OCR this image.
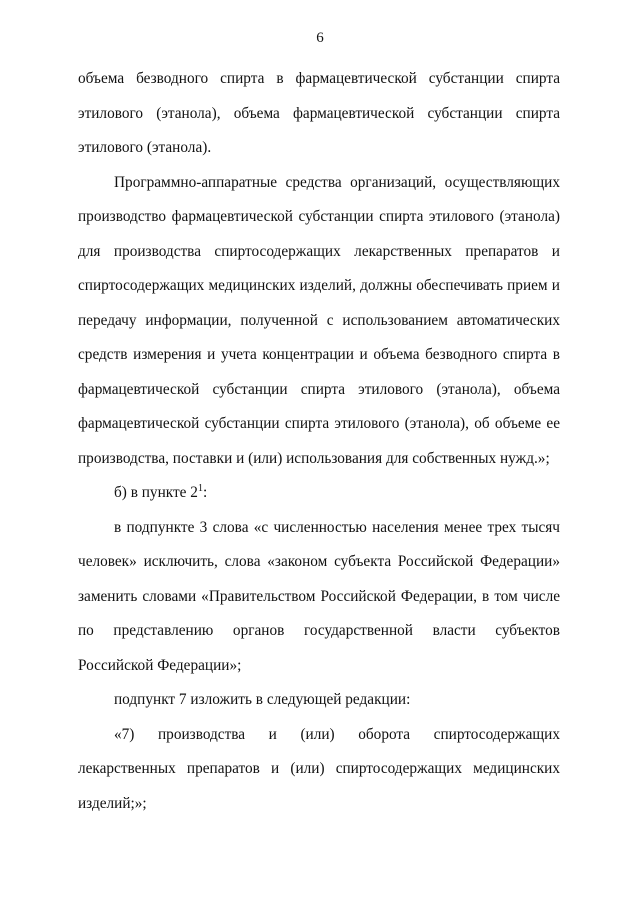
6

объема безводного спирта в фармацевтической субстанции спирта этилового (этанола), объема фармацевтической субстанции спирта этилового (этанола).

Программно-аппаратные средства организаций, осуществляющих производство фармацевтической субстанции спирта этилового (этанола) для производства спиртосодержащих лекарственных препаратов и спиртосодержащих медицинских изделий, должны обеспечивать прием и передачу информации, полученной с использованием автоматических средств измерения и учета концентрации и объема безводного спирта в фармацевтической субстанции спирта этилового (этанола), объема фармацевтической субстанции спирта этилового (этанола), об объеме ее производства, поставки и (или) использования для собственных нужд.»;

б) в пункте $2^1$:

в подпункте 3 слова «с численностью населения менее трех тысяч человек» исключить, слова «законом субъекта Российской Федерации» заменить словами «Правительством Российской Федерации, в том числе по представлению органов государственной власти субъектов Российской Федерации»;

подпункт 7 изложить в следующей редакции:

«7) производства и (или) оборота спиртосодержащих лекарственных препаратов и (или) спиртосодержащих медицинских изделий;»;
